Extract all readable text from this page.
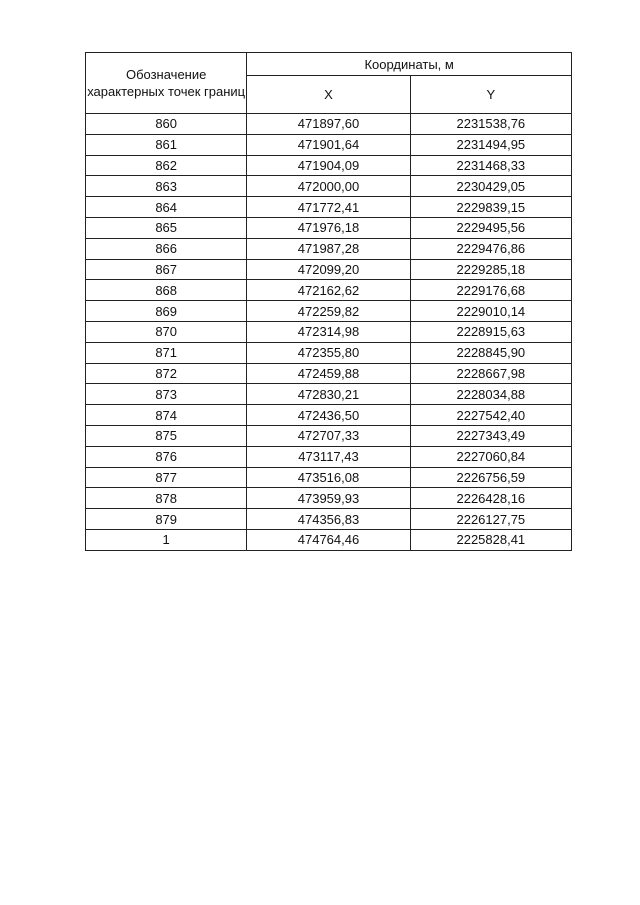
Обозначение характерных точек границ	Координаты, м	
	X	Y
860	471897,60	2231538,76
861	471901,64	2231494,95
862	471904,09	2231468,33
863	472000,00	2230429,05
864	471772,41	2229839,15
865	471976,18	2229495,56
866	471987,28	2229476,86
867	472099,20	2229285,18
868	472162,62	2229176,68
869	472259,82	2229010,14
870	472314,98	2228915,63
871	472355,80	2228845,90
872	472459,88	2228667,98
873	472830,21	2228034,88
874	472436,50	2227542,40
875	472707,33	2227343,49
876	473117,43	2227060,84
877	473516,08	2226756,59
878	473959,93	2226428,16
879	474356,83	2226127,75
1	474764,46	2225828,41
